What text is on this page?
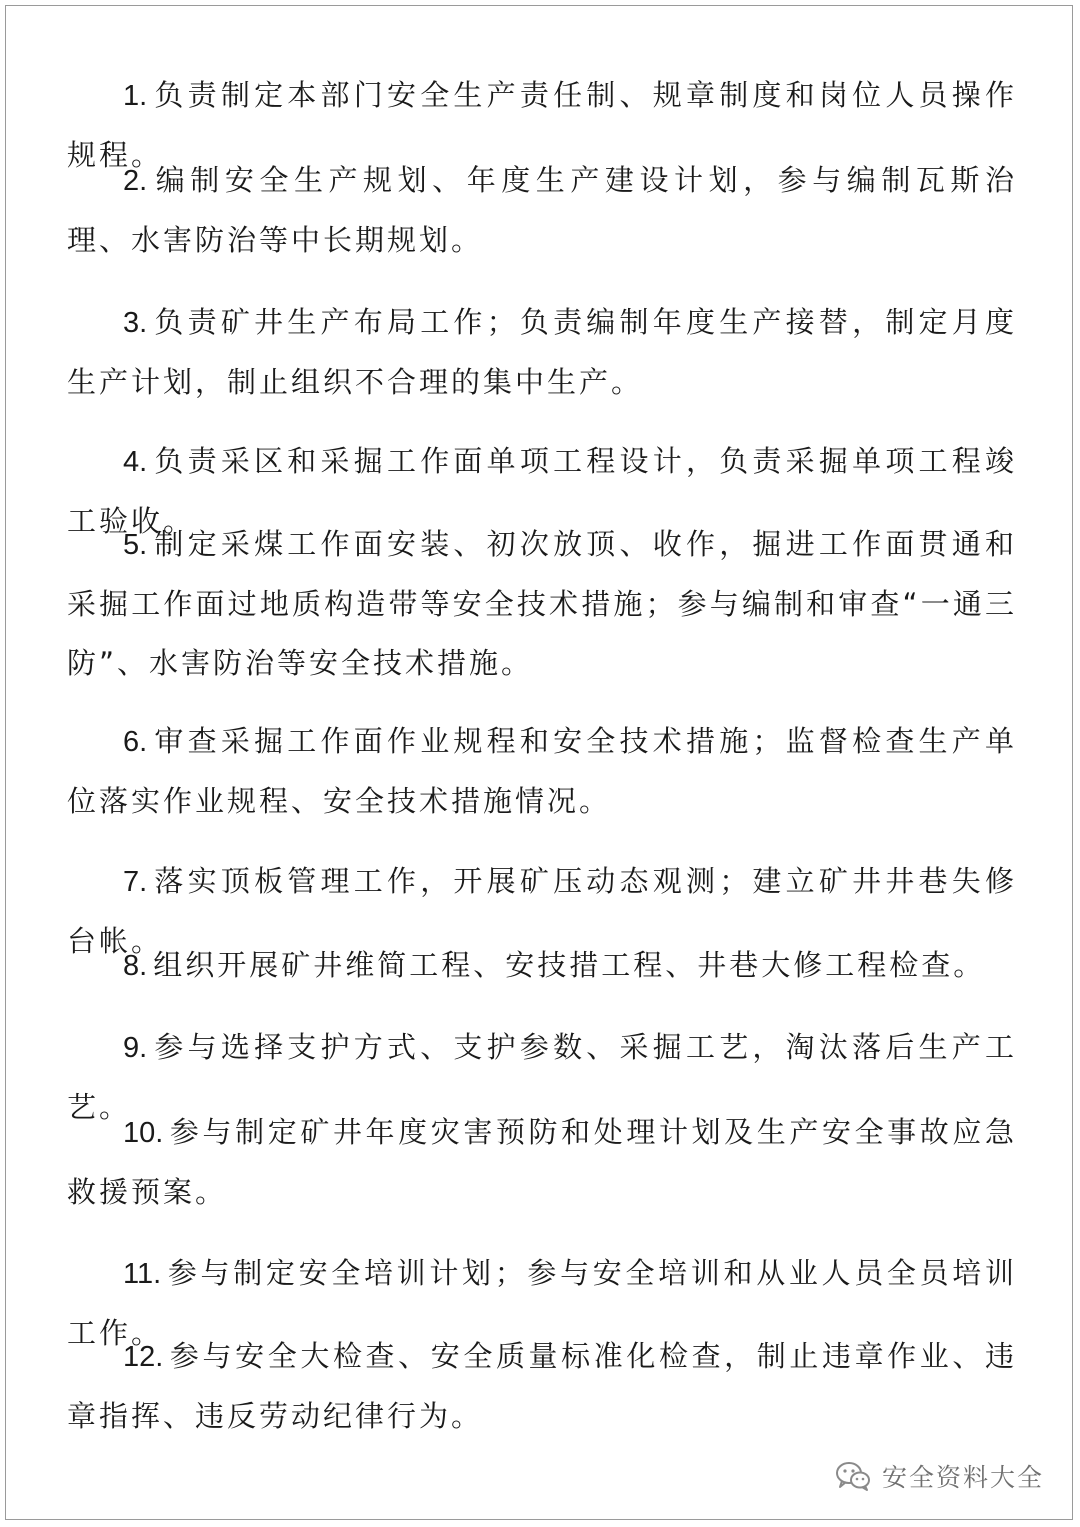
1. 负责制定本部门安全生产责任制、规章制度和岗位人员操作规程。

2. 编制安全生产规划、年度生产建设计划，参与编制瓦斯治理、水害防治等中长期规划。

3. 负责矿井生产布局工作；负责编制年度生产接替，制定月度生产计划，制止组织不合理的集中生产。

4. 负责采区和采掘工作面单项工程设计，负责采掘单项工程竣工验收。

5. 制定采煤工作面安装、初次放顶、收作，掘进工作面贯通和采掘工作面过地质构造带等安全技术措施；参与编制和审查“一通三防”、水害防治等安全技术措施。

6. 审查采掘工作面作业规程和安全技术措施；监督检查生产单位落实作业规程、安全技术措施情况。

7. 落实顶板管理工作，开展矿压动态观测；建立矿井井巷失修台帐。

8. 组织开展矿井维简工程、安技措工程、井巷大修工程检查。

9. 参与选择支护方式、支护参数、采掘工艺，淘汰落后生产工艺。

10. 参与制定矿井年度灾害预防和处理计划及生产安全事故应急救援预案。

11. 参与制定安全培训计划；参与安全培训和从业人员全员培训工作。

12. 参与安全大检查、安全质量标准化检查，制止违章作业、违章指挥、违反劳动纪律行为。

安全资料大全
